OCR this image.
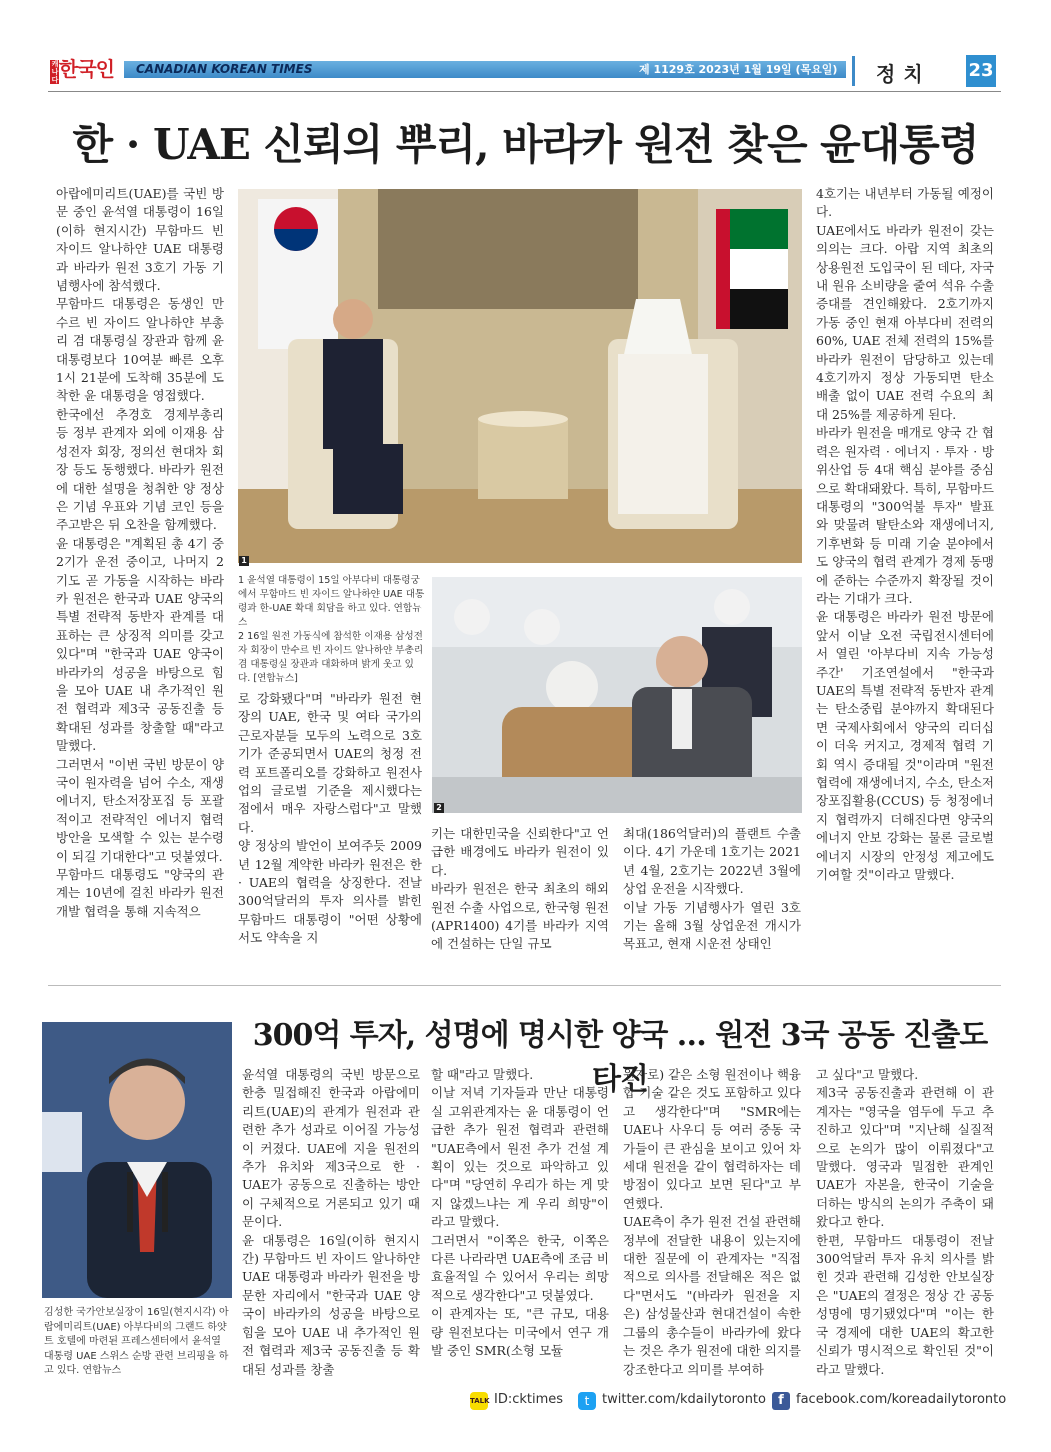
캐나다한국인	CANADIAN KOREAN TIMES	제 1129호 2023년 1월 19일 (목요일) 정치 23
한 · UAE 신뢰의 뿌리, 바라카 원전 찾은 윤대통령
아랍에미리트(UAE)를 국빈 방문 중인 윤석열 대통령이 16일(이하 현지시간) 무함마드 빈 자이드 알나하얀 UAE 대통령과 바라카 원전 3호기 가동 기념행사에 참석했다.
무함마드 대통령은 동생인 만수르 빈 자이드 알나하얀 부총리 겸 대통령실 장관과 함께 윤 대통령보다 10여분 빠른 오후 1시 21분에 도착해 35분에 도착한 윤 대통령을 영접했다.
한국에선 추경호 경제부총리 등 정부 관계자 외에 이재용 삼성전자 회장, 정의선 현대차 회장 등도 동행했다. 바라카 원전에 대한 설명을 청취한 양 정상은 기념 우표와 기념 코인 등을 주고받은 뒤 오찬을 함께했다.
윤 대통령은 "계획된 총 4기 중 2기가 운전 중이고, 나머지 2기도 곧 가동을 시작하는 바라카 원전은 한국과 UAE 양국의 특별 전략적 동반자 관계를 대표하는 큰 상징적 의미를 갖고 있다"며 "한국과 UAE 양국이 바라카의 성공을 바탕으로 힘을 모아 UAE 내 추가적인 원전 협력과 제3국 공동진출 등 확대된 성과를 창출할 때"라고 말했다.
그러면서 "이번 국빈 방문이 양국이 원자력을 넘어 수소, 재생에너지, 탄소저장포집 등 포괄적이고 전략적인 에너지 협력 방안을 모색할 수 있는 분수령이 되길 기대한다"고 덧붙였다.
무함마드 대통령도 "양국의 관계는 10년에 걸친 바라카 원전 개발 협력을 통해 지속적으
1
1 윤석열 대통령이 15일 아부다비 대통령궁에서 무함마드 빈 자이드 알나하얀 UAE 대통령과 한-UAE 확대 회담을 하고 있다. 연합뉴스
2 16일 원전 가동식에 참석한 이재용 삼성전자 회장이 만수르 빈 자이드 알나하얀 부총리 겸 대통령실 장관과 대화하며 밝게 웃고 있다. [연합뉴스]
2
로 강화됐다"며 "바라카 원전 현장의 UAE, 한국 및 여타 국가의 근로자분들 모두의 노력으로 3호기가 준공되면서 UAE의 청정 전력 포트폴리오를 강화하고 원전사업의 글로벌 기준을 제시했다는 점에서 매우 자랑스럽다"고 말했다.
양 정상의 발언이 보여주듯 2009년 12월 계약한 바라카 원전은 한 · UAE의 협력을 상징한다. 전날 300억달러의 투자 의사를 밝힌 무함마드 대통령이 "어떤 상황에서도 약속을 지
키는 대한민국을 신뢰한다"고 언급한 배경에도 바라카 원전이 있다.
바라카 원전은 한국 최초의 해외 원전 수출 사업으로, 한국형 원전(APR1400) 4기를 바라카 지역에 건설하는 단일 규모
최대(186억달러)의 플랜트 수출이다. 4기 가운데 1호기는 2021년 4월, 2호기는 2022년 3월에 상업 운전을 시작했다.
이날 가동 기념행사가 열린 3호기는 올해 3월 상업운전 개시가 목표고, 현재 시운전 상태인
4호기는 내년부터 가동될 예정이다.
UAE에서도 바라카 원전이 갖는 의의는 크다. 아랍 지역 최초의 상용원전 도입국이 된 데다, 자국 내 원유 소비량을 줄여 석유 수출 증대를 견인해왔다. 2호기까지 가동 중인 현재 아부다비 전력의 60%, UAE 전체 전력의 15%를 바라카 원전이 담당하고 있는데 4호기까지 정상 가동되면 탄소 배출 없이 UAE 전력 수요의 최대 25%를 제공하게 된다.
바라카 원전을 매개로 양국 간 협력은 원자력 · 에너지 · 투자 · 방위산업 등 4대 핵심 분야를 중심으로 확대돼왔다. 특히, 무함마드 대통령의 "300억불 투자" 발표와 맞물려 탈탄소와 재생에너지, 기후변화 등 미래 기술 분야에서도 양국의 협력 관계가 경제 동맹에 준하는 수준까지 확장될 것이라는 기대가 크다.
윤 대통령은 바라카 원전 방문에 앞서 이날 오전 국립전시센터에서 열린 '아부다비 지속 가능성 주간' 기조연설에서 "한국과 UAE의 특별 전략적 동반자 관계는 탄소중립 분야까지 확대된다면 국제사회에서 양국의 리더십이 더욱 커지고, 경제적 협력 기회 역시 증대될 것"이라며 "원전 협력에 재생에너지, 수소, 탄소저장포집활용(CCUS) 등 청정에너지 협력까지 더해진다면 양국의 에너지 안보 강화는 물론 글로벌 에너지 시장의 안정성 제고에도 기여할 것"이라고 말했다.
김성한 국가안보실장이 16일(현지시각) 아랍에미리트(UAE) 아부다비의 그랜드 하얏트 호텔에 마련된 프레스센터에서 윤석열 대통령 UAE 스위스 순방 관련 브리핑을 하고 있다. 연합뉴스
300억 투자, 성명에 명시한 양국 … 원전 3국 공동 진출도 타진
윤석열 대통령의 국빈 방문으로 한층 밀접해진 한국과 아랍에미리트(UAE)의 관계가 원전과 관련한 추가 성과로 이어질 가능성이 커졌다. UAE에 지을 원전의 추가 유치와 제3국으로 한 · UAE가 공동으로 진출하는 방안이 구체적으로 거론되고 있기 때문이다.
윤 대통령은 16일(이하 현지시간) 무함마드 빈 자이드 알나하얀 UAE 대통령과 바라카 원전을 방문한 자리에서 "한국과 UAE 양국이 바라카의 성공을 바탕으로 힘을 모아 UAE 내 추가적인 원전 협력과 제3국 공동진출 등 확대된 성과를 창출
할 때"라고 말했다.
이날 저녁 기자들과 만난 대통령실 고위관계자는 윤 대통령이 언급한 추가 원전 협력과 관련해 "UAE측에서 원전 추가 건설 계획이 있는 것으로 파악하고 있다"며 "당연히 우리가 하는 게 맞지 않겠느냐는 게 우리 희망"이라고 말했다.
그러면서 "이쪽은 한국, 이쪽은 다른 나라라면 UAE측에 조금 비효율적일 수 있어서 우리는 희망적으로 생각한다"고 덧붙였다.
이 관계자는 또, "큰 규모, 대용량 원전보다는 미국에서 연구 개발 중인 SMR(소형 모듈
원자로) 같은 소형 원전이나 핵융합 기술 같은 것도 포함하고 있다고 생각한다"며 "SMR에는 UAE나 사우디 등 여러 중동 국가들이 큰 관심을 보이고 있어 차세대 원전을 같이 협력하자는 데 방점이 있다고 보면 된다"고 부연했다.
UAE측이 추가 원전 건설 관련해 정부에 전달한 내용이 있는지에 대한 질문에 이 관계자는 "직접적으로 의사를 전달해온 적은 없다"면서도 "(바라카 원전을 지은) 삼성물산과 현대건설이 속한 그룹의 총수들이 바라카에 왔다는 것은 추가 원전에 대한 의지를 강조한다고 의미를 부여하
고 싶다"고 말했다.
제3국 공동진출과 관련해 이 관계자는 "영국을 염두에 두고 추진하고 있다"며 "지난해 실질적으로 논의가 많이 이뤄졌다"고 말했다. 영국과 밀접한 관계인 UAE가 자본을, 한국이 기술을 더하는 방식의 논의가 주축이 돼왔다고 한다.
한편, 무함마드 대통령이 전날 300억달러 투자 유치 의사를 밝힌 것과 관련해 김성한 안보실장은 "UAE의 결정은 정상 간 공동 성명에 명기됐었다"며 "이는 한국 경제에 대한 UAE의 확고한 신뢰가 명시적으로 확인된 것"이라고 말했다.
TALK ID:cktimes	t twitter.com/kdailytoronto f facebook.com/koreadailytoronto
